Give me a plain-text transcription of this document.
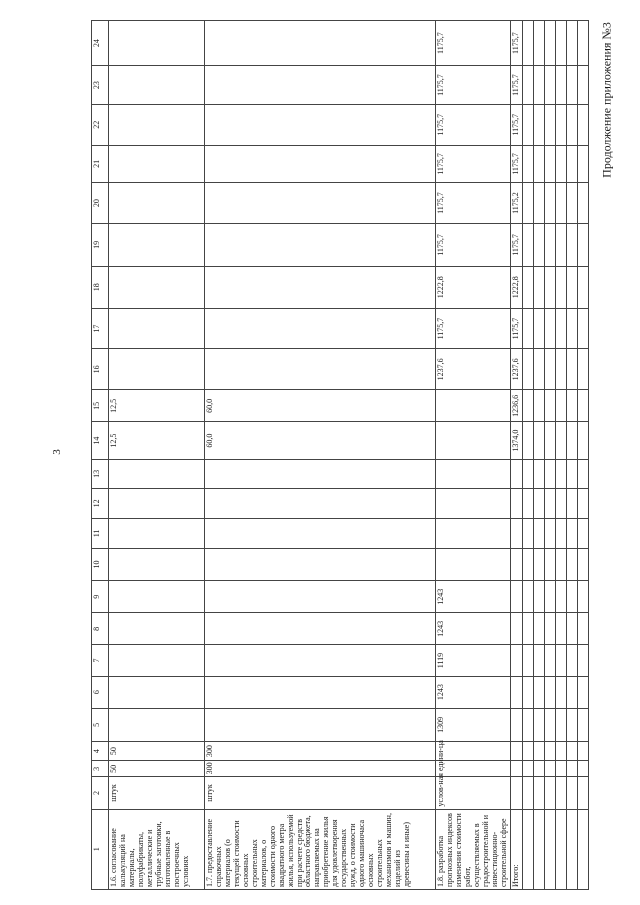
3
Продолжение приложения №3
1	2	3	4	5	6	7	8	9	10	11	12	13	14	15	16	17	18	19	20	21	22	23	24
1.6. согласование калькуляций на материалы, полуфабрикаты, металлические и трубные заготовки, изготовленные в построечных условиях	штук	50	50										12,5	12,5									
1.7. предоставление справочных материалов (о текущей стоимости основных строительных материалов, о стоимости одного квадратного метра жилья, используемой при расчете средств областного бюджета, направляемых на приобретение жилья для удовлетворения государственных нужд, о стоимости одного машиночаса основных строительных механизмов и машин, изделий из древесины и иные)	штук	300	300										60,0	60,0									
1.8. разработка прогнозных индексов изменения стоимости работ, осуществляемых в градостроительной и инвестиционно-строительной сфере	услов-ная едини-ца			1309	1243	1119	1243	1243							1237,6	1175,7	1222,8	1175,7	1175,7	1175,7	1175,7	1175,7	1175,7
Итого:													1374,0	1236,6	1237,6	1175,7	1222,8	1175,7	1175,2	1175,7	1175,7	1175,7	1175,7
